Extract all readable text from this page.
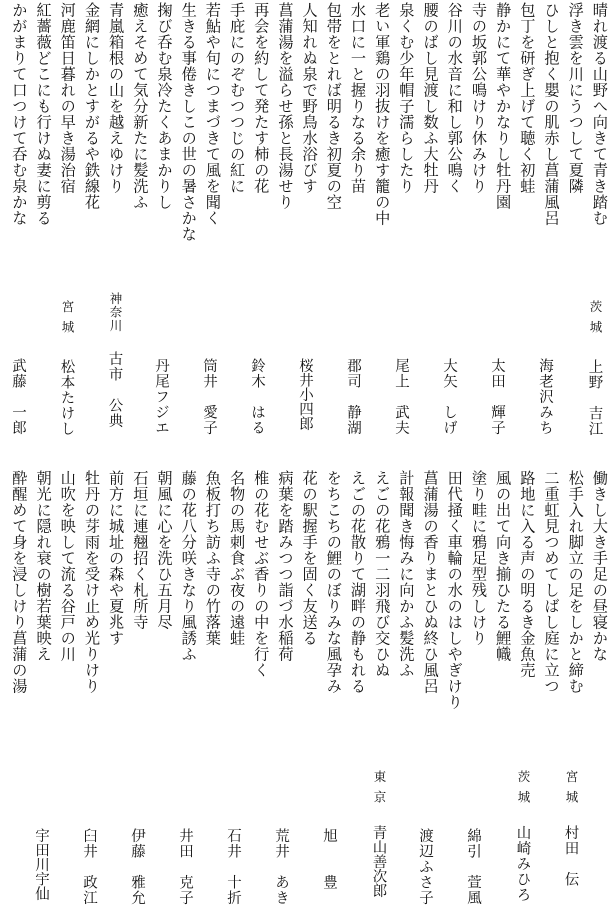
晴れ渡る山野へ向きて青き踏む
浮き雲を川にうつして夏隣
ひしと抱く嬰の肌赤し菖蒲風呂
包丁を研ぎ上げて聴く初蛙
静かにて華やかなりし牡丹園
寺の坂郭公鳴けり休みけり
谷川の水音に和し郭公鳴く
腰のばし見渡し数ふ大牡丹
泉くむ少年帽子濡らしたり
老い軍鶏の羽抜けを癒す籠の中
水口に一と握りなる余り苗
包帯をとれば明るき初夏の空
人知れぬ泉で野鳥水浴びす
菖蒲湯を溢らせ孫と長湯せり
再会を約して発たす柿の花
手庇にのぞむつつじの紅に
若鮎や句につまづきて風を聞く
生きる事倦きしこの世の暑さかな
掬び呑む泉冷たくあまかりし
癒えそめて気分新たに髪洗ふ
青嵐箱根の山を越えゆけり
金網にしかとすがるや鉄線花
河鹿笛日暮れの早き湯治宿
紅薔薇どこにも行けぬ妻に剪る
かがまりて口つけて呑む泉かな
茨城
上野　吉江
海老沢みち
太田　輝子
大矢　しげ
尾上　武夫
郡司　静湖
桜井小四郎
鈴木　はる
筒井　愛子
丹尾フジエ
神奈川
古市　公典
宮城
松本たけし
武藤　一郎
働きし大き手足の昼寝かな
松手入れ脚立の足をしかと締む
二重虹見つめてしばし庭に立つ
路地に入る声の明るき金魚売
風の出て向き揃ひたる鯉幟
塗り畦に鴉足型残しけり
田代掻く車輪の水のはしやぎけり
菖蒲湯の香りまとひぬ終ひ風呂
計報聞き悔みに向かふ髪洗ふ
えごの花鴉一二羽飛び交ひぬ
えごの花散りて湖畔の静もれる
をちこちの鯉のぼりみな風孕み
花の駅握手を固く友送る
病葉を踏みつつ詣づ水稲荷
椎の花むせぶ香りの中を行く
名物の馬刺食ぶ夜の遠蛙
魚板打ち訪ふ寺の竹落葉
藤の花八分咲きなり風誘ふ
朝風に心を洗ひ五月尽
石垣に連翹招く札所寺
前方に城址の森や夏兆す
牡丹の芽雨を受け止め光りけり
山吹を映して流る谷戸の川
朝光に隠れ衰の樹若葉映え
酔醒めて身を浸しけり菖蒲の湯
宮城
村田　伝
茨城
山崎みひろ
綿引　萱風
渡辺ふさ子
東京
青山善次郎
旭　　豊
荒井　あき
石井　十折
井田　克子
伊藤　雅允
臼井　政江
宇田川宇仙
